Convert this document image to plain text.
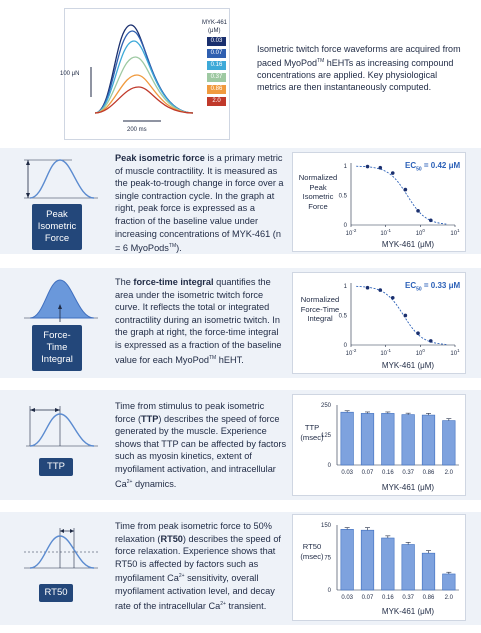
MYK-461
(μM)
0.03
0.07
0.16
0.37
0.86
2.0
100 μN
200 ms
Isometric twitch force waveforms are acquired from paced MyoPod™ hEHTs as increasing compound concentrations are applied. Key physiological metrics are then instantaneously computed.
Peak
Isometric
Force
Peak isometric force is a primary metric of muscle contractility. It is measured as the peak-to-trough change in force over a single contraction cycle. In the graph at right, peak force is expressed as a fraction of the baseline value under increasing concentrations of MYK-461 (n = 6 MyoPods™).
Normalized
Peak
Isometric
Force
0
0.5
1
$10^{-2}$
$10^{-1}$
$10^0$
$10^1$
$EC_{50} = 0.42$ μM
MYK-461 (μM)
Force-
Time
Integral
The force-time integral quantifies the area under the isometric twitch force curve. It reflects the total or integrated contractility during an isometric twitch. In the graph at right, the force-time integral is expressed as a fraction of the baseline value for each MyoPod™ hEHT.
Normalized
Force-Time
Integral
0
0.5
1
$10^{-2}$
$10^{-1}$
$10^0$
$10^1$
$EC_{50} = 0.33$ μM
MYK-461 (μM)
TTP
Time from stimulus to peak isometric force (TTP) describes the speed of force generated by the muscle. Experience shows that TTP can be affected by factors such as myosin kinetics, extent of myofilament activation, and intracellular $Ca^{2+}$ dynamics.
TTP
(msec)
0
125
250
0.03 0.07 0.16 0.37 0.86 2.0
MYK-461 (μM)
RT50
Time from peak isometric force to 50% relaxation (RT50) describes the speed of force relaxation. Experience shows that RT50 is affected by factors such as myofilament $Ca^{2+}$ sensitivity, overall myofilament activation level, and decay rate of the intracellular $Ca^{2+}$ transient.
RT50
(msec)
0
75
150
0.03 0.07 0.16 0.37 0.86 2.0
MYK-461 (μM)
